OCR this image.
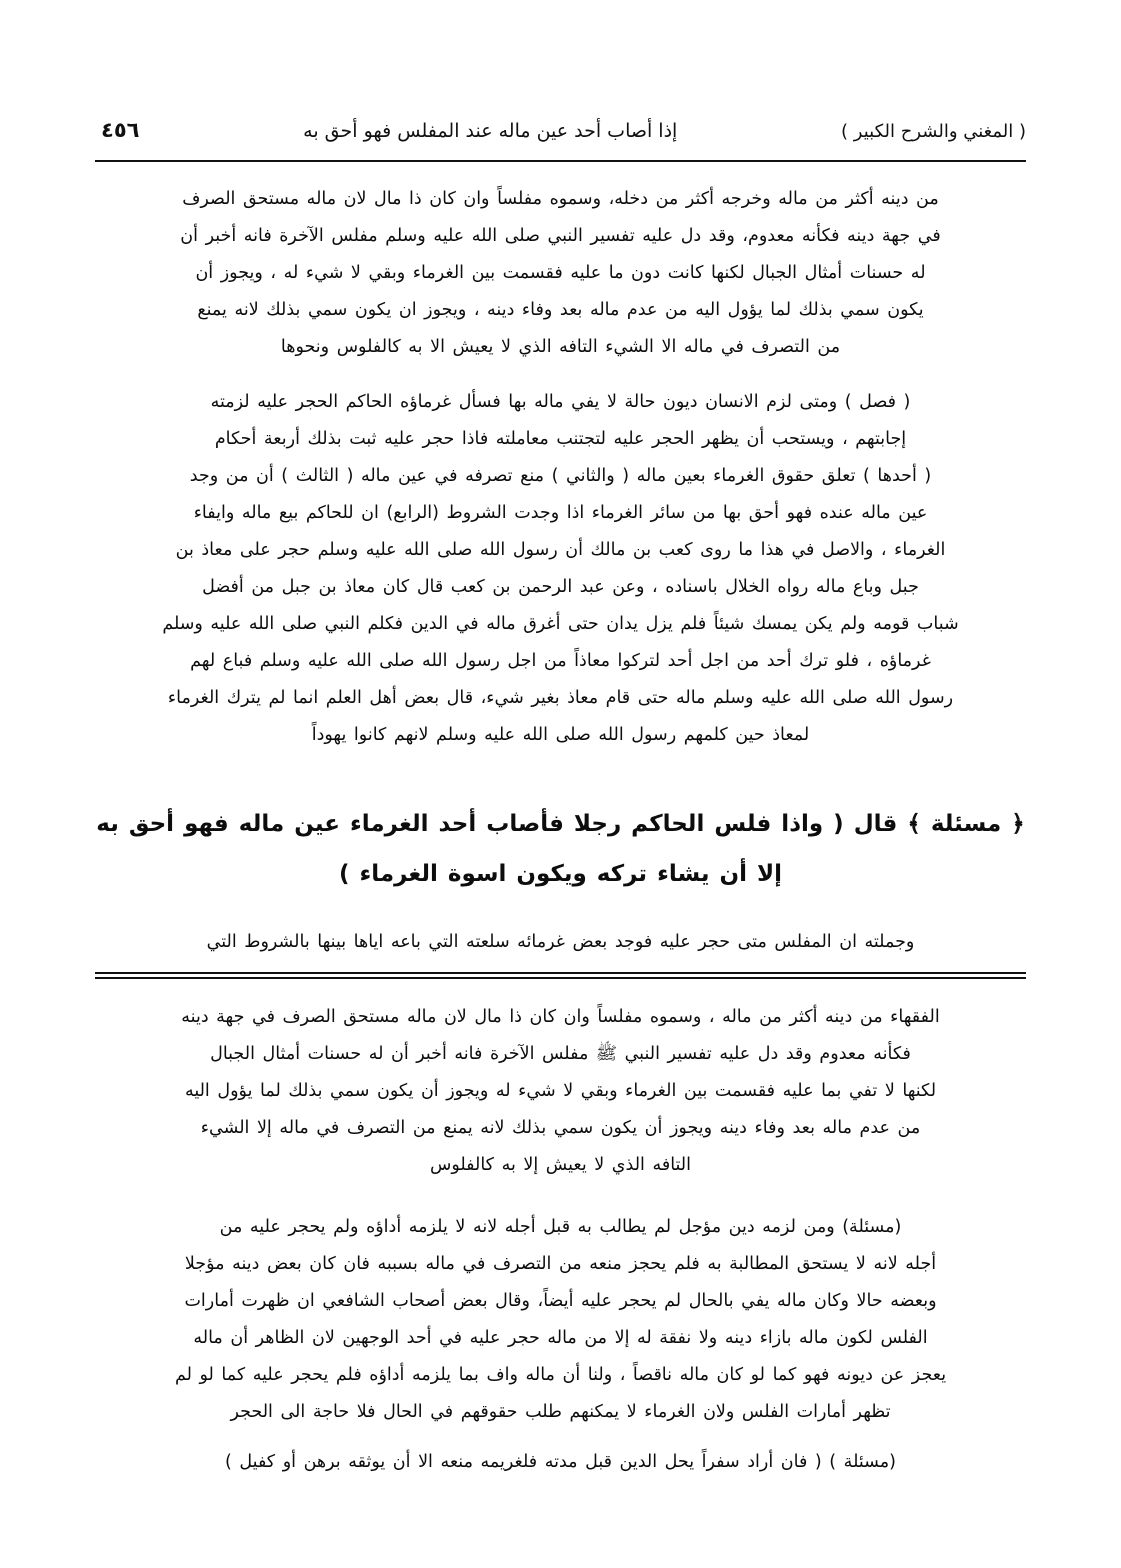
٤٥٦	إذا أصاب أحد عين ماله عند المفلس فهو أحق به	( المغني والشرح الكبير )

من دينه أكثر من ماله وخرجه أكثر من دخله، وسموه مفلساً وان كان ذا مال لان ماله مستحق الصرف

في جهة دينه فكأنه معدوم، وقد دل عليه تفسير النبي صلى الله عليه وسلم مفلس الآخرة فانه أخبر أن

له حسنات أمثال الجبال لكنها كانت دون ما عليه فقسمت بين الغرماء وبقي لا شيء له ، ويجوز أن

يكون سمي بذلك لما يؤول اليه من عدم ماله بعد وفاء دينه ، ويجوز ان يكون سمي بذلك لانه يمنع

من التصرف في ماله الا الشيء التافه الذي لا يعيش الا به كالفلوس ونحوها

( فصل ) ومتى لزم الانسان ديون حالة لا يفي ماله بها فسأل غرماؤه الحاكم الحجر عليه لزمته

إجابتهم ، ويستحب أن يظهر الحجر عليه لتجتنب معاملته فاذا حجر عليه ثبت بذلك أربعة أحكام

( أحدها ) تعلق حقوق الغرماء بعين ماله ( والثاني ) منع تصرفه في عين ماله ( الثالث ) أن من وجد

عين ماله عنده فهو أحق بها من سائر الغرماء اذا وجدت الشروط (الرابع) ان للحاكم بيع ماله وايفاء

الغرماء ، والاصل في هذا ما روى كعب بن مالك أن رسول الله صلى الله عليه وسلم حجر على معاذ بن

جبل وباع ماله رواه الخلال باسناده ، وعن عبد الرحمن بن كعب قال كان معاذ بن جبل من أفضل

شباب قومه ولم يكن يمسك شيئاً فلم يزل يدان حتى أغرق ماله في الدين فكلم النبي صلى الله عليه وسلم

غرماؤه ، فلو ترك أحد من اجل أحد لتركوا معاذاً من اجل رسول الله صلى الله عليه وسلم فباع لهم

رسول الله صلى الله عليه وسلم ماله حتى قام معاذ بغير شيء، قال بعض أهل العلم انما لم يترك الغرماء

لمعاذ حين كلمهم رسول الله صلى الله عليه وسلم لانهم كانوا يهوداً

﴿ مسئلة ﴾ قال ( واذا فلس الحاكم رجلا فأصاب أحد الغرماء عين ماله فهو أحق به

إلا أن يشاء تركه ويكون اسوة الغرماء )

وجملته ان المفلس متى حجر عليه فوجد بعض غرمائه سلعته التي باعه اياها بينها بالشروط التي

الفقهاء من دينه أكثر من ماله ، وسموه مفلساً وان كان ذا مال لان ماله مستحق الصرف في جهة دينه

فكأنه معدوم وقد دل عليه تفسير النبي ﷺ مفلس الآخرة فانه أخبر أن له حسنات أمثال الجبال

لكنها لا تفي بما عليه فقسمت بين الغرماء وبقي لا شيء له ويجوز أن يكون سمي بذلك لما يؤول اليه

من عدم ماله بعد وفاء دينه ويجوز أن يكون سمي بذلك لانه يمنع من التصرف في ماله إلا الشيء

التافه الذي لا يعيش إلا به كالفلوس

(مسئلة) ومن لزمه دين مؤجل لم يطالب به قبل أجله لانه لا يلزمه أداؤه ولم يحجر عليه من

أجله لانه لا يستحق المطالبة به فلم يحجز منعه من التصرف في ماله بسببه فان كان بعض دينه مؤجلا

وبعضه حالا وكان ماله يفي بالحال لم يحجر عليه أيضاً، وقال بعض أصحاب الشافعي ان ظهرت أمارات

الفلس لكون ماله بازاء دينه ولا نفقة له إلا من ماله حجر عليه في أحد الوجهين لان الظاهر أن ماله

يعجز عن ديونه فهو كما لو كان ماله ناقصاً ، ولنا أن ماله واف بما يلزمه أداؤه فلم يحجر عليه كما لو لم

تظهر أمارات الفلس ولان الغرماء لا يمكنهم طلب حقوقهم في الحال فلا حاجة الى الحجر

(مسئلة ) ( فان أراد سفراً يحل الدين قبل مدته فلغريمه منعه الا أن يوثقه برهن أو كفيل )
